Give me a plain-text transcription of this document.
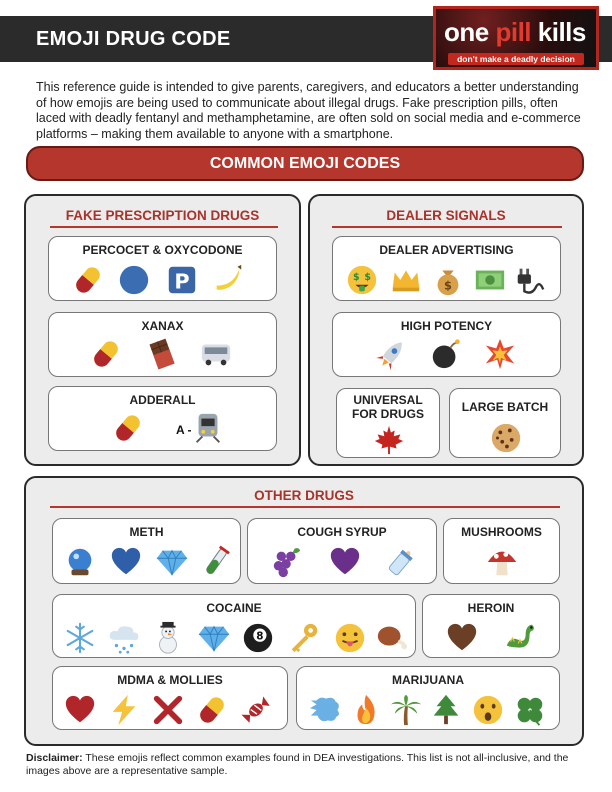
EMOJI DRUG CODE	one pill kills
don't make a deadly decision
This reference guide is intended to give parents, caregivers, and educators a better understanding of how emojis are being used to communicate about illegal drugs. Fake prescription pills, often laced with deadly fentanyl and methamphetamine, are often sold on social media and e-commerce platforms – making them available to anyone with a smartphone.
COMMON EMOJI CODES
FAKE PRESCRIPTION DRUGS
PERCOCET & OXYCODONE
P
XANAX
ADDERALL
A -
DEALER SIGNALS
DEALER ADVERTISING
$ $
$
HIGH POTENCY
UNIVERSAL
FOR DRUGS	LARGE BATCH
OTHER DRUGS
METH	COUGH SYRUP	MUSHROOMS
COCAINE
8
HEROIN
MDMA & MOLLIES	MARIJUANA
Disclaimer: These emojis reflect common examples found in DEA investigations. This list is not all-inclusive, and the images above are a representative sample.
